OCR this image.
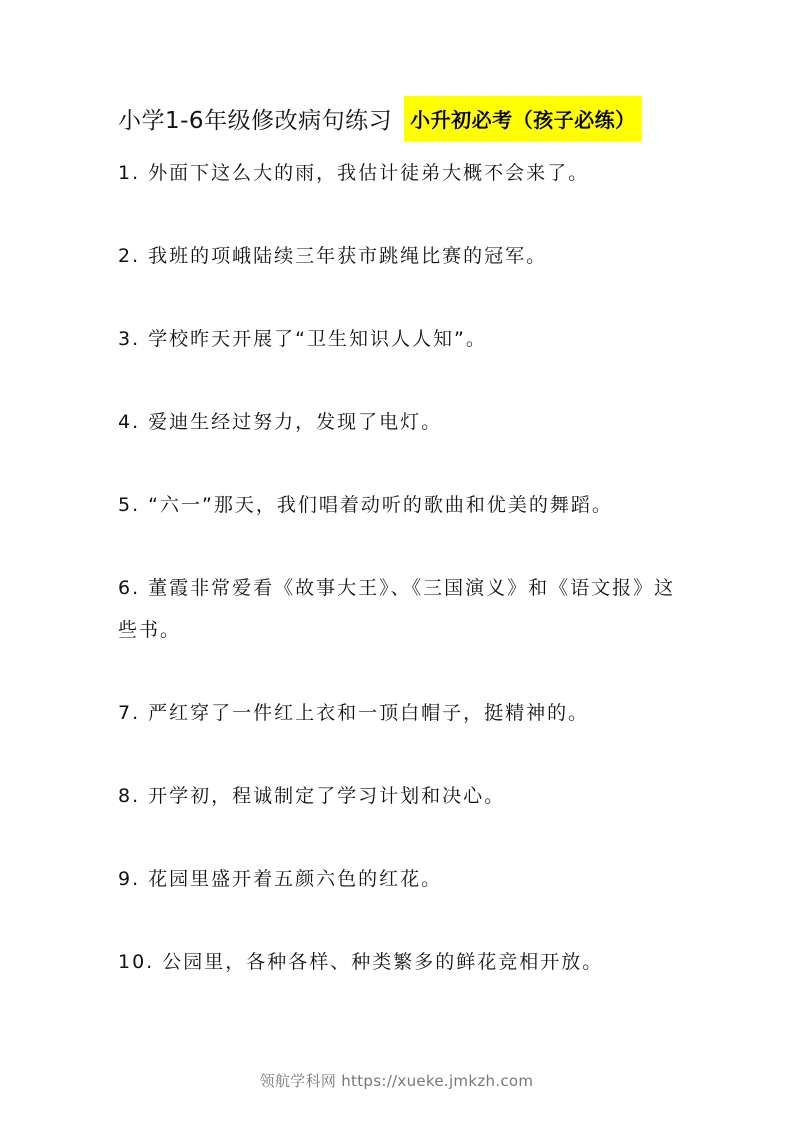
小学1-6年级修改病句练习 小升初必考（孩子必练）
1. 外面下这么大的雨，我估计徒弟大概不会来了。
2. 我班的项峨陆续三年获市跳绳比赛的冠军。
3. 学校昨天开展了“卫生知识人人知”。
4. 爱迪生经过努力，发现了电灯。
5. “六一”那天，我们唱着动听的歌曲和优美的舞蹈。
6. 董霞非常爱看《故事大王》、《三国演义》和《语文报》这些书。
7. 严红穿了一件红上衣和一顶白帽子，挺精神的。
8. 开学初，程诚制定了学习计划和决心。
9. 花园里盛开着五颜六色的红花。
10. 公园里，各种各样、种类繁多的鲜花竞相开放。
领航学科网 https://xueke.jmkzh.com
